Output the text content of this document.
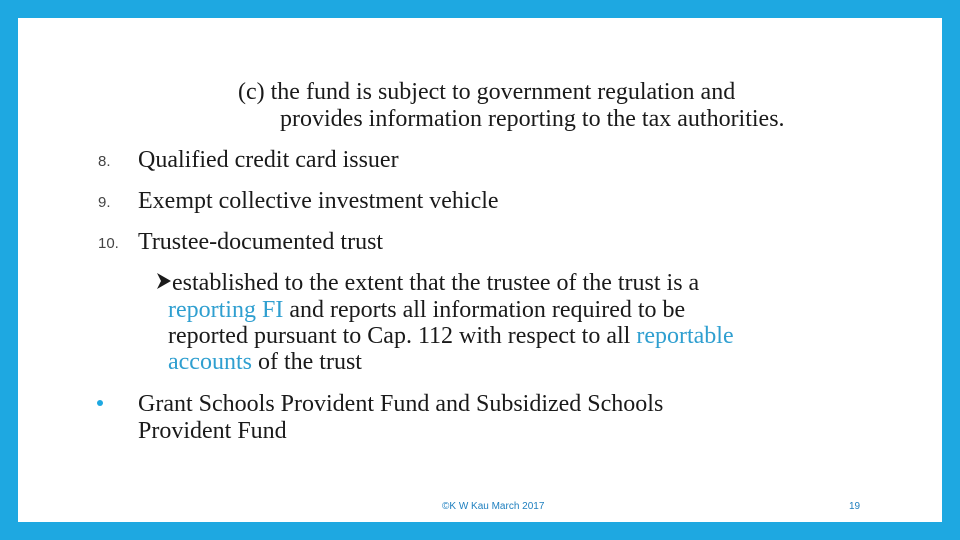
(c) the fund is subject to government regulation and

provides information reporting to the tax authorities.

8. Qualified credit card issuer

9. Exempt collective investment vehicle

10. Trustee-documented trust

established to the extent that the trustee of the trust is a

reporting FI and reports all information required to be

reported pursuant to Cap. 112 with respect to all reportable

accounts of the trust

Grant Schools Provident Fund and Subsidized Schools

Provident Fund

©K W Kau March 2017	19
